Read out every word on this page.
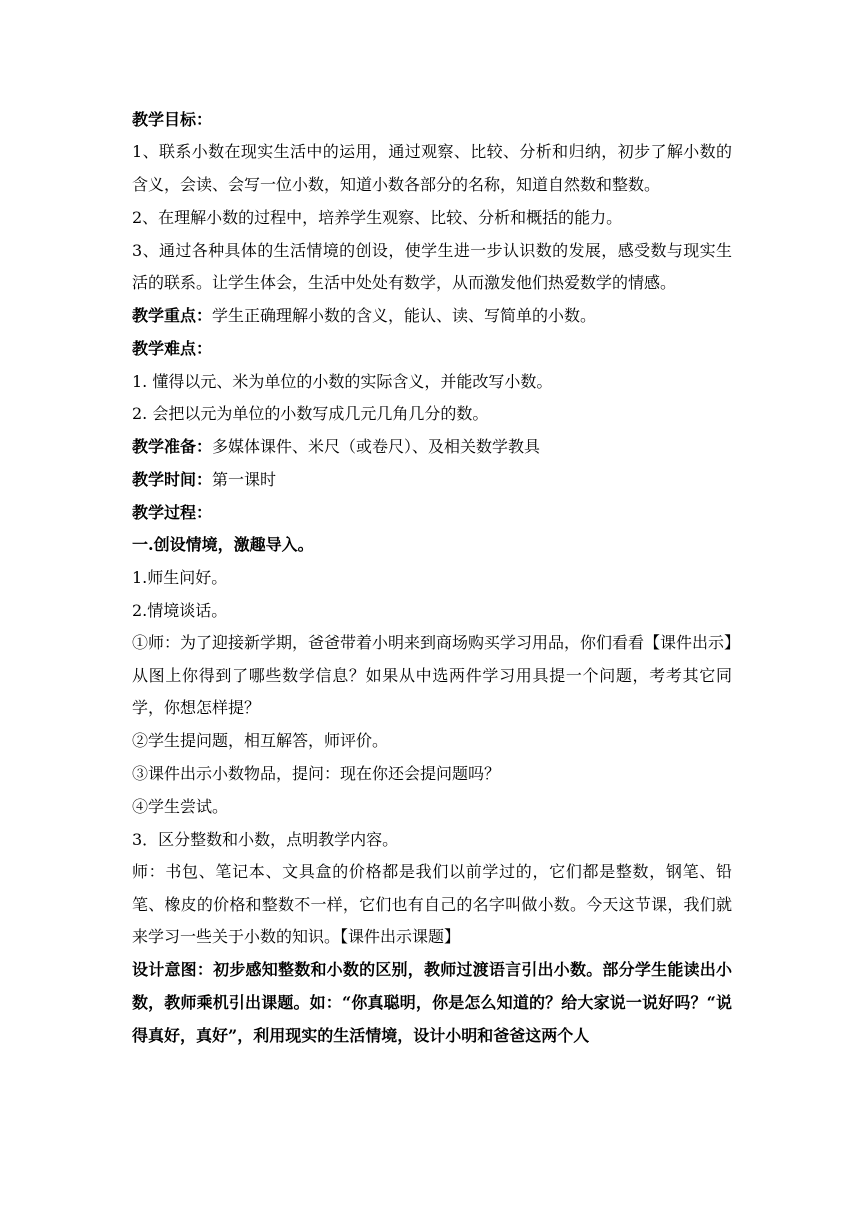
教学目标：

1、联系小数在现实生活中的运用，通过观察、比较、分析和归纳，初步了解小数的含义，会读、会写一位小数，知道小数各部分的名称，知道自然数和整数。

2、在理解小数的过程中，培养学生观察、比较、分析和概括的能力。

3、通过各种具体的生活情境的创设，使学生进一步认识数的发展，感受数与现实生活的联系。让学生体会，生活中处处有数学，从而激发他们热爱数学的情感。

教学重点：学生正确理解小数的含义，能认、读、写简单的小数。

教学难点：

1. 懂得以元、米为单位的小数的实际含义，并能改写小数。

2. 会把以元为单位的小数写成几元几角几分的数。

教学准备：多媒体课件、米尺（或卷尺）、及相关数学教具

教学时间：第一课时

教学过程：

一.创设情境，激趣导入。

1.师生问好。

2.情境谈话。

①师：为了迎接新学期，爸爸带着小明来到商场购买学习用品，你们看看【课件出示】从图上你得到了哪些数学信息？如果从中选两件学习用具提一个问题，考考其它同学，你想怎样提？

②学生提问题，相互解答，师评价。

③课件出示小数物品，提问：现在你还会提问题吗？

④学生尝试。

3．区分整数和小数，点明教学内容。

师：书包、笔记本、文具盒的价格都是我们以前学过的，它们都是整数，钢笔、铅笔、橡皮的价格和整数不一样，它们也有自己的名字叫做小数。今天这节课，我们就来学习一些关于小数的知识。【课件出示课题】

设计意图：初步感知整数和小数的区别，教师过渡语言引出小数。部分学生能读出小数，教师乘机引出课题。如：“你真聪明，你是怎么知道的？给大家说一说好吗？“说得真好，真好”，利用现实的生活情境，设计小明和爸爸这两个人
